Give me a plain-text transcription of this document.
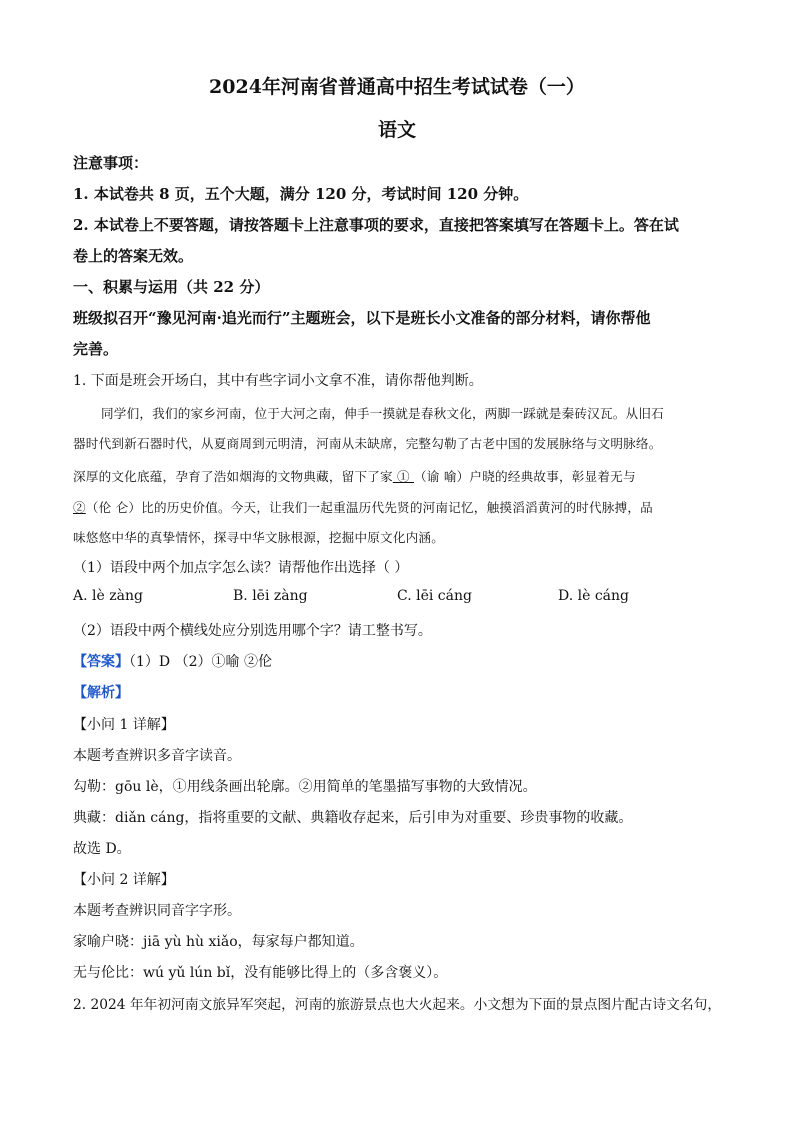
2024年河南省普通高中招生考试试卷（一）
语文
注意事项：
1. 本试卷共 8 页，五个大题，满分 120 分，考试时间 120 分钟。
2. 本试卷上不要答题，请按答题卡上注意事项的要求，直接把答案填写在答题卡上。答在试
卷上的答案无效。
一、积累与运用（共 22 分）
班级拟召开“豫见河南·追光而行”主题班会，以下是班长小文准备的部分材料，请你帮他
完善。
1. 下面是班会开场白，其中有些字词小文拿不准，请你帮他判断。
同学们，我们的家乡河南，位于大河之南，伸手一摸就是春秋文化，两脚一踩就是秦砖汉瓦。从旧石
器时代到新石器时代，从夏商周到元明清，河南从未缺席，完整勾勒了古老中国的发展脉络与文明脉络。
深厚的文化底蕴，孕育了浩如烟海的文物典藏，留下了家 ① （谕 喻）户晓的经典故事，彰显着无与
②（伦 仑）比的历史价值。今天，让我们一起重温历代先贤的河南记忆，触摸滔滔黄河的时代脉搏，品
味悠悠中华的真挚情怀，探寻中华文脉根源，挖掘中原文化内涵。
（1）语段中两个加点字怎么读？请帮他作出选择（ ）
A. lè zàng	B. lēi zàng	C. lēi cáng	D. lè cáng
（2）语段中两个横线处应分别选用哪个字？请工整书写。
【答案】（1）D （2）①喻 ②伦
【解析】
【小问 1 详解】
本题考查辨识多音字读音。
勾勒：gōu lè，①用线条画出轮廓。②用简单的笔墨描写事物的大致情况。
典藏：diǎn cáng，指将重要的文献、典籍收存起来，后引申为对重要、珍贵事物的收藏。
故选 D。
【小问 2 详解】
本题考查辨识同音字字形。
家喻户晓：jiā yù hù xiǎo，每家每户都知道。
无与伦比：wú yǔ lún bǐ，没有能够比得上的（多含褒义）。
2. 2024 年年初河南文旅异军突起，河南的旅游景点也大火起来。小文想为下面的景点图片配古诗文名句，
